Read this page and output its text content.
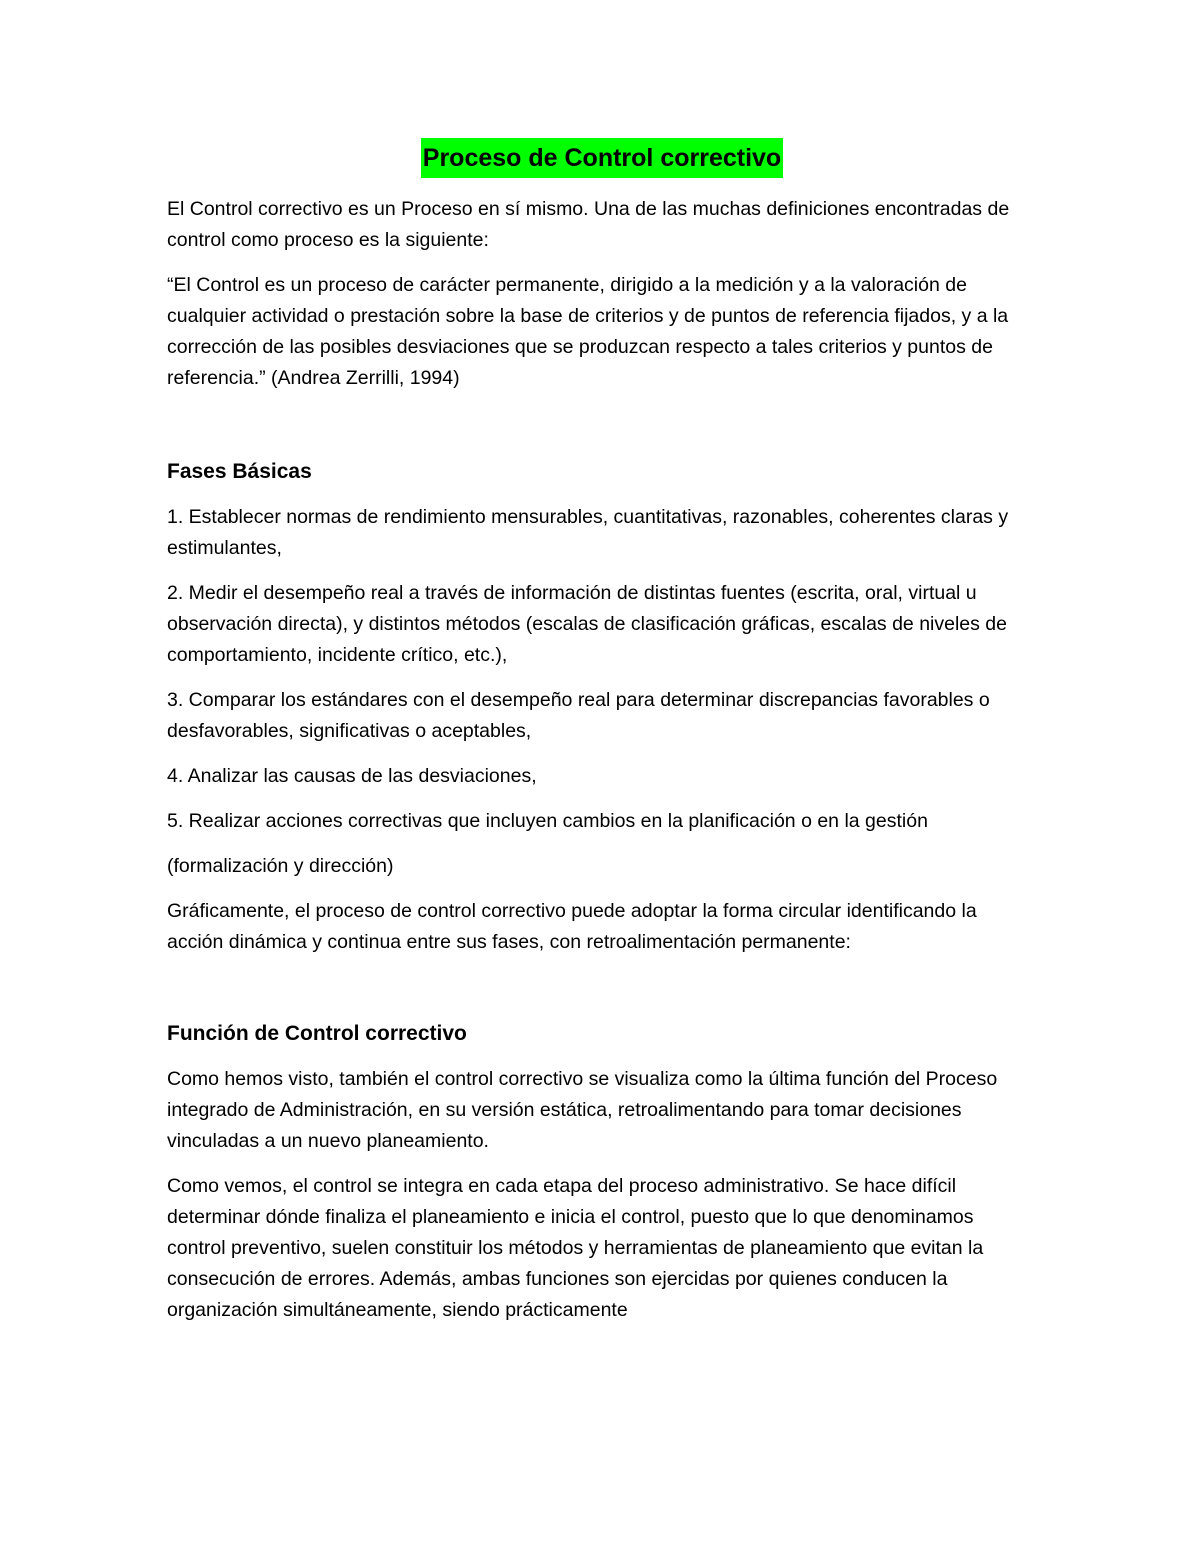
Proceso de Control correctivo

El Control correctivo es un Proceso en sí mismo. Una de las muchas definiciones encontradas de control como proceso es la siguiente:

“El Control es un proceso de carácter permanente, dirigido a la medición y a la valoración de cualquier actividad o prestación sobre la base de criterios y de puntos de referencia fijados, y a la corrección de las posibles desviaciones que se produzcan respecto a tales criterios y puntos de referencia.” (Andrea Zerrilli, 1994)

Fases Básicas

1. Establecer normas de rendimiento mensurables, cuantitativas, razonables, coherentes claras y estimulantes,

2. Medir el desempeño real a través de información de distintas fuentes (escrita, oral, virtual u observación directa), y distintos métodos (escalas de clasificación gráficas, escalas de niveles de comportamiento, incidente crítico, etc.),

3. Comparar los estándares con el desempeño real para determinar discrepancias favorables o desfavorables, significativas o aceptables,

4. Analizar las causas de las desviaciones,

5. Realizar acciones correctivas que incluyen cambios en la planificación o en la gestión

(formalización y dirección)

Gráficamente, el proceso de control correctivo puede adoptar la forma circular identificando la acción dinámica y continua entre sus fases, con retroalimentación permanente:

Función de Control correctivo

Como hemos visto, también el control correctivo se visualiza como la última función del Proceso integrado de Administración, en su versión estática, retroalimentando para tomar decisiones vinculadas a un nuevo planeamiento.

Como vemos, el control se integra en cada etapa del proceso administrativo. Se hace difícil determinar dónde finaliza el planeamiento e inicia el control, puesto que lo que denominamos control preventivo, suelen constituir los métodos y herramientas de planeamiento que evitan la consecución de errores. Además, ambas funciones son ejercidas por quienes conducen la organización simultáneamente, siendo prácticamente
